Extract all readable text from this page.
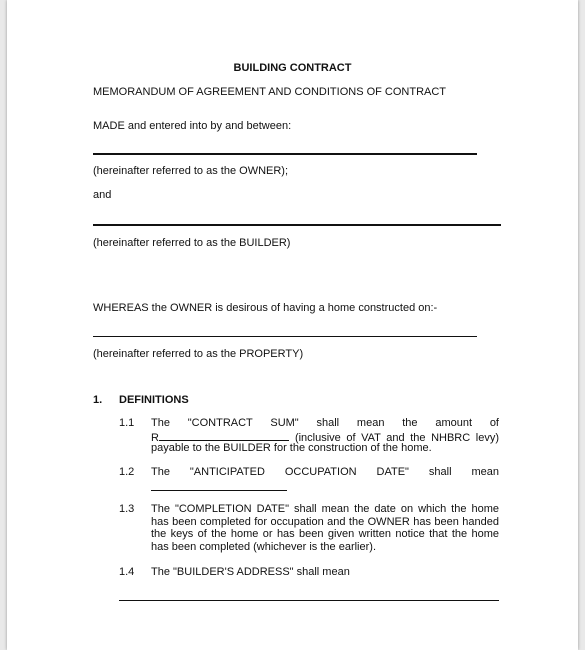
BUILDING CONTRACT
MEMORANDUM OF AGREEMENT AND CONDITIONS OF CONTRACT
MADE and entered into by and between:
(hereinafter referred to as the OWNER);
and
(hereinafter referred to as the BUILDER)
WHEREAS the OWNER is desirous of having a home constructed on:-
(hereinafter referred to as the PROPERTY)
1. DEFINITIONS
1.1 The "CONTRACT SUM" shall mean the amount of
R	(inclusive of VAT and the NHBRC levy)
payable to the BUILDER for the construction of the home.
1.2 The "ANTICIPATED OCCUPATION DATE" shall mean
1.3 The "COMPLETION DATE" shall mean the date on which the home has been completed for occupation and the OWNER has been handed the keys of the home or has been given written notice that the home has been completed (whichever is the earlier).
1.4 The "BUILDER'S ADDRESS" shall mean
